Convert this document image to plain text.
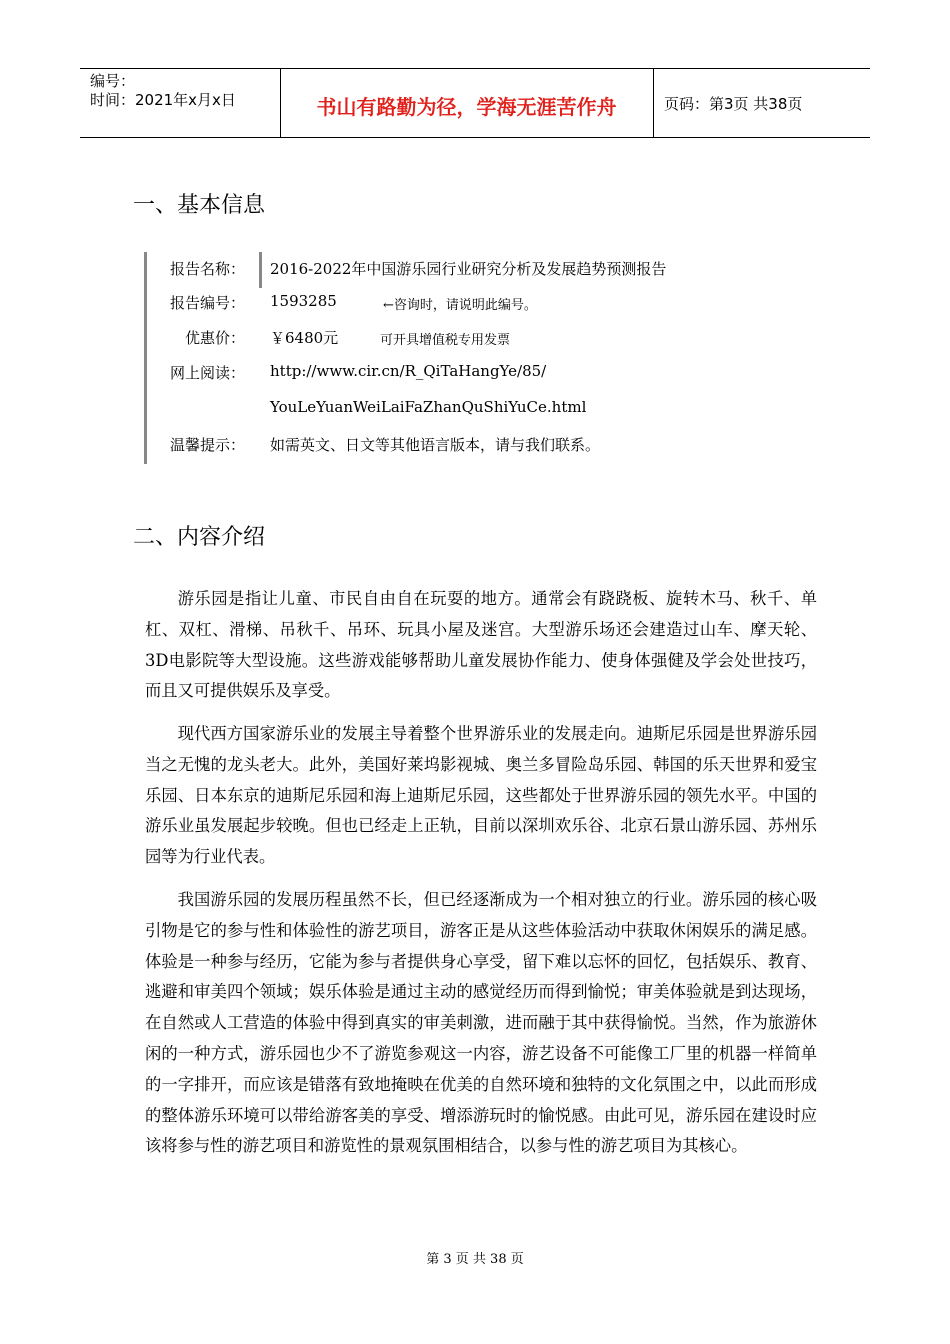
编号：
时间：2021年x月x日	书山有路勤为径，学海无涯苦作舟	页码：第3页 共38页
一、基本信息
报告名称： 2016-2022年中国游乐园行业研究分析及发展趋势预测报告
报告编号： 1593285	←咨询时，请说明此编号。
优惠价： ￥6480元	可开具增值税专用发票
网上阅读： http://www.cir.cn/R_QiTaHangYe/85/
YouLeYuanWeiLaiFaZhanQuShiYuCe.html
温馨提示： 如需英文、日文等其他语言版本，请与我们联系。
二、内容介绍

游乐园是指让儿童、市民自由自在玩耍的地方。通常会有跷跷板、旋转木马、秋千、单杠、双杠、滑梯、吊秋千、吊环、玩具小屋及迷宫。大型游乐场还会建造过山车、摩天轮、3D电影院等大型设施。这些游戏能够帮助儿童发展协作能力、使身体强健及学会处世技巧，而且又可提供娱乐及享受。

现代西方国家游乐业的发展主导着整个世界游乐业的发展走向。迪斯尼乐园是世界游乐园当之无愧的龙头老大。此外，美国好莱坞影视城、奥兰多冒险岛乐园、韩国的乐天世界和爱宝乐园、日本东京的迪斯尼乐园和海上迪斯尼乐园，这些都处于世界游乐园的领先水平。中国的游乐业虽发展起步较晚。但也已经走上正轨，目前以深圳欢乐谷、北京石景山游乐园、苏州乐园等为行业代表。

我国游乐园的发展历程虽然不长，但已经逐渐成为一个相对独立的行业。游乐园的核心吸引物是它的参与性和体验性的游艺项目，游客正是从这些体验活动中获取休闲娱乐的满足感。体验是一种参与经历，它能为参与者提供身心享受，留下难以忘怀的回忆，包括娱乐、教育、逃避和审美四个领域；娱乐体验是通过主动的感觉经历而得到愉悦；审美体验就是到达现场，在自然或人工营造的体验中得到真实的审美刺激，进而融于其中获得愉悦。当然，作为旅游休闲的一种方式，游乐园也少不了游览参观这一内容，游艺设备不可能像工厂里的机器一样简单的一字排开，而应该是错落有致地掩映在优美的自然环境和独特的文化氛围之中，以此而形成的整体游乐环境可以带给游客美的享受、增添游玩时的愉悦感。由此可见，游乐园在建设时应该将参与性的游艺项目和游览性的景观氛围相结合，以参与性的游艺项目为其核心。

第 3 页 共 38 页
